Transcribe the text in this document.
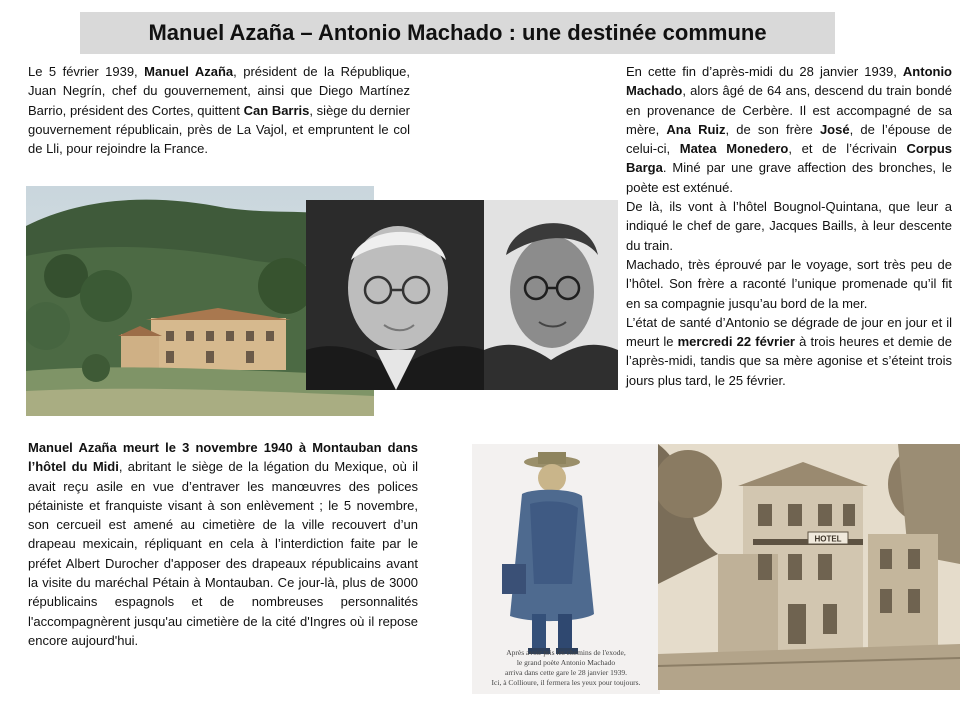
Manuel Azaña – Antonio Machado : une destinée commune
Le 5 février 1939, Manuel Azaña, président de la République, Juan Negrín, chef du gouvernement, ainsi que Diego Martínez Barrio, président des Cortes, quittent Can Barris, siège du dernier gouvernement républicain, près de La Vajol, et empruntent le col de Lli, pour rejoindre la France.

En cette fin d’après-midi du 28 janvier 1939, Antonio Machado, alors âgé de 64 ans, descend du train bondé en provenance de Cerbère. Il est accompagné de sa mère, Ana Ruiz, de son frère José, de l’épouse de celui-ci, Matea Monedero, et de l’écrivain Corpus Barga. Miné par une grave affection des bronches, le poète est exténué.

De là, ils vont à l’hôtel Bougnol-Quintana, que leur a indiqué le chef de gare, Jacques Baills, à leur descente du train.

Machado, très éprouvé par le voyage, sort très peu de l’hôtel. Son frère a raconté l’unique promenade qu’il fit en sa compagnie jusqu’au bord de la mer.

L’état de santé d’Antonio se dégrade de jour en jour et il meurt le mercredi 22 février à trois heures et demie de l’après-midi, tandis que sa mère agonise et s’éteint trois jours plus tard, le 25 février.

Manuel Azaña meurt le 3 novembre 1940 à Montauban dans l’hôtel du Midi, abritant le siège de la légation du Mexique, où il avait reçu asile en vue d’entraver les manœuvres des polices pétainiste et franquiste visant à son enlèvement ; le 5 novembre, son cercueil est amené au cimetière de la ville recouvert d’un drapeau mexicain, répliquant en cela à l’interdiction faite par le préfet Albert Durocher d'apposer des drapeaux républicains avant la visite du maréchal Pétain à Montauban. Ce jour-là, plus de 3000 républicains espagnols et de nombreuses personnalités l'accompagnèrent jusqu'au cimetière de la cité d'Ingres où il repose encore aujourd'hui.
Après avoir pris les chemins de l'exode,
le grand poète Antonio Machado
arriva dans cette gare le 28 janvier 1939.
Ici, à Collioure, il fermera les yeux pour toujours.
HOTEL
